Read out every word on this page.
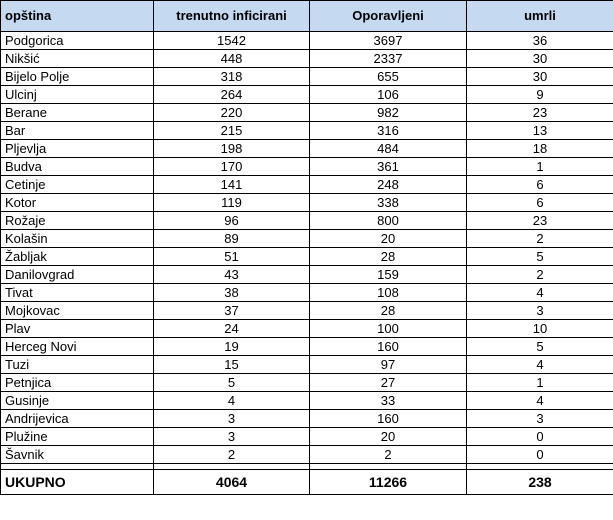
opština	trenutno inficirani	Oporavljeni	umrli
Podgorica	1542	3697	36
Nikšić	448	2337	30
Bijelo Polje	318	655	30
Ulcinj	264	106	9
Berane	220	982	23
Bar	215	316	13
Pljevlja	198	484	18
Budva	170	361	1
Cetinje	141	248	6
Kotor	119	338	6
Rožaje	96	800	23
Kolašin	89	20	2
Žabljak	51	28	5
Danilovgrad	43	159	2
Tivat	38	108	4
Mojkovac	37	28	3
Plav	24	100	10
Herceg Novi	19	160	5
Tuzi	15	97	4
Petnjica	5	27	1
Gusinje	4	33	4
Andrijevica	3	160	3
Plužine	3	20	0
Šavnik	2	2	0

UKUPNO	4064	11266	238
